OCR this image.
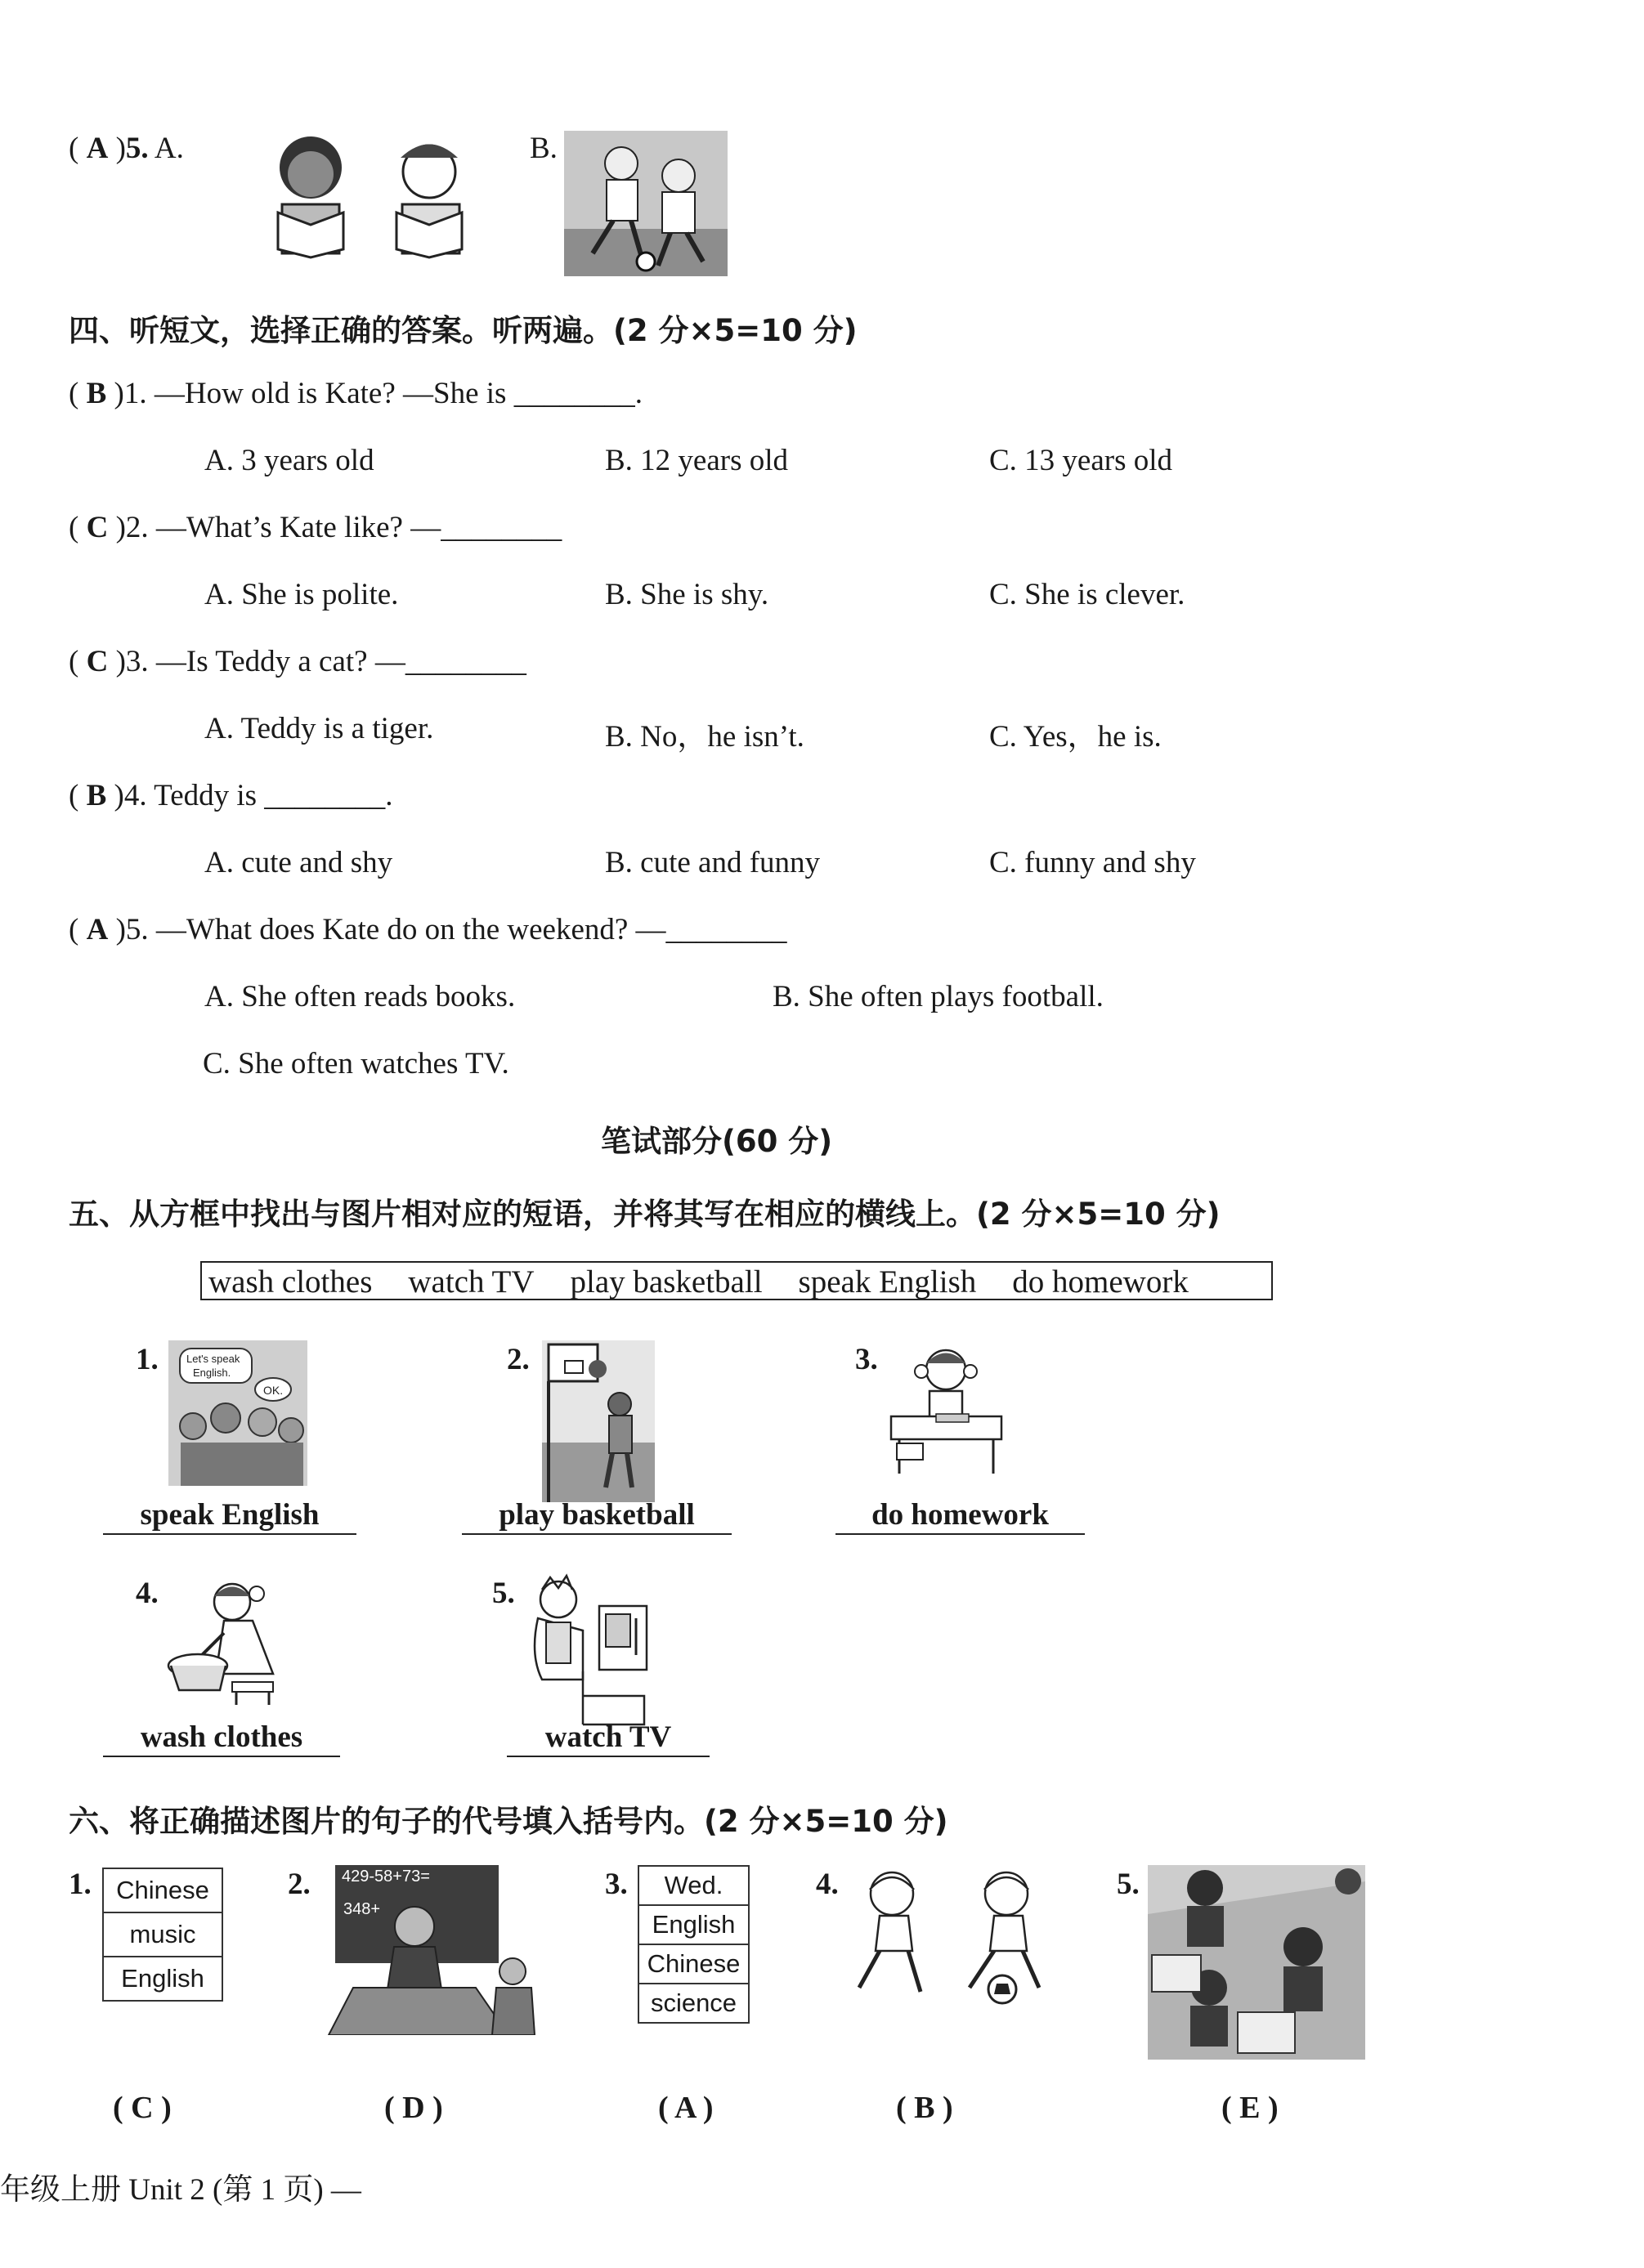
( A )5. A.	B.
四、听短文，选择正确的答案。听两遍。(2 分×5=10 分)
( B )1. —How old is Kate? —She is ________.
A. 3 years old	B. 12 years old	C. 13 years old
( C )2. —What’s Kate like? —________
A. She is polite.	B. She is shy.	C. She is clever.
( C )3. —Is Teddy a cat? —________
A. Teddy is a tiger.	B. No，he isn’t.	C. Yes，he is.
( B )4. Teddy is ________.
A. cute and shy	B. cute and funny	C. funny and shy
( A )5. —What does Kate do on the weekend? —________
A. She often reads books.	B. She often plays football.
C. She often watches TV.
笔试部分(60 分)
五、从方框中找出与图片相对应的短语，并将其写在相应的横线上。(2 分×5=10 分)
wash clothes watch TV play basketball speak English do homework
1.	Let's speak
English.
OK.
speak English
2.
play basketball
3.
do homework
4.
wash clothes
5.
watch TV
六、将正确描述图片的句子的代号填入括号内。(2 分×5=10 分)
1. Chinese
music
English
( C )
2. 429-58+73=
348+
( D )
3.	Wed.
English
Chinese
science
( A )
4.
( B )
5.
( E )
年级上册 Unit 2 (第 1 页) —
